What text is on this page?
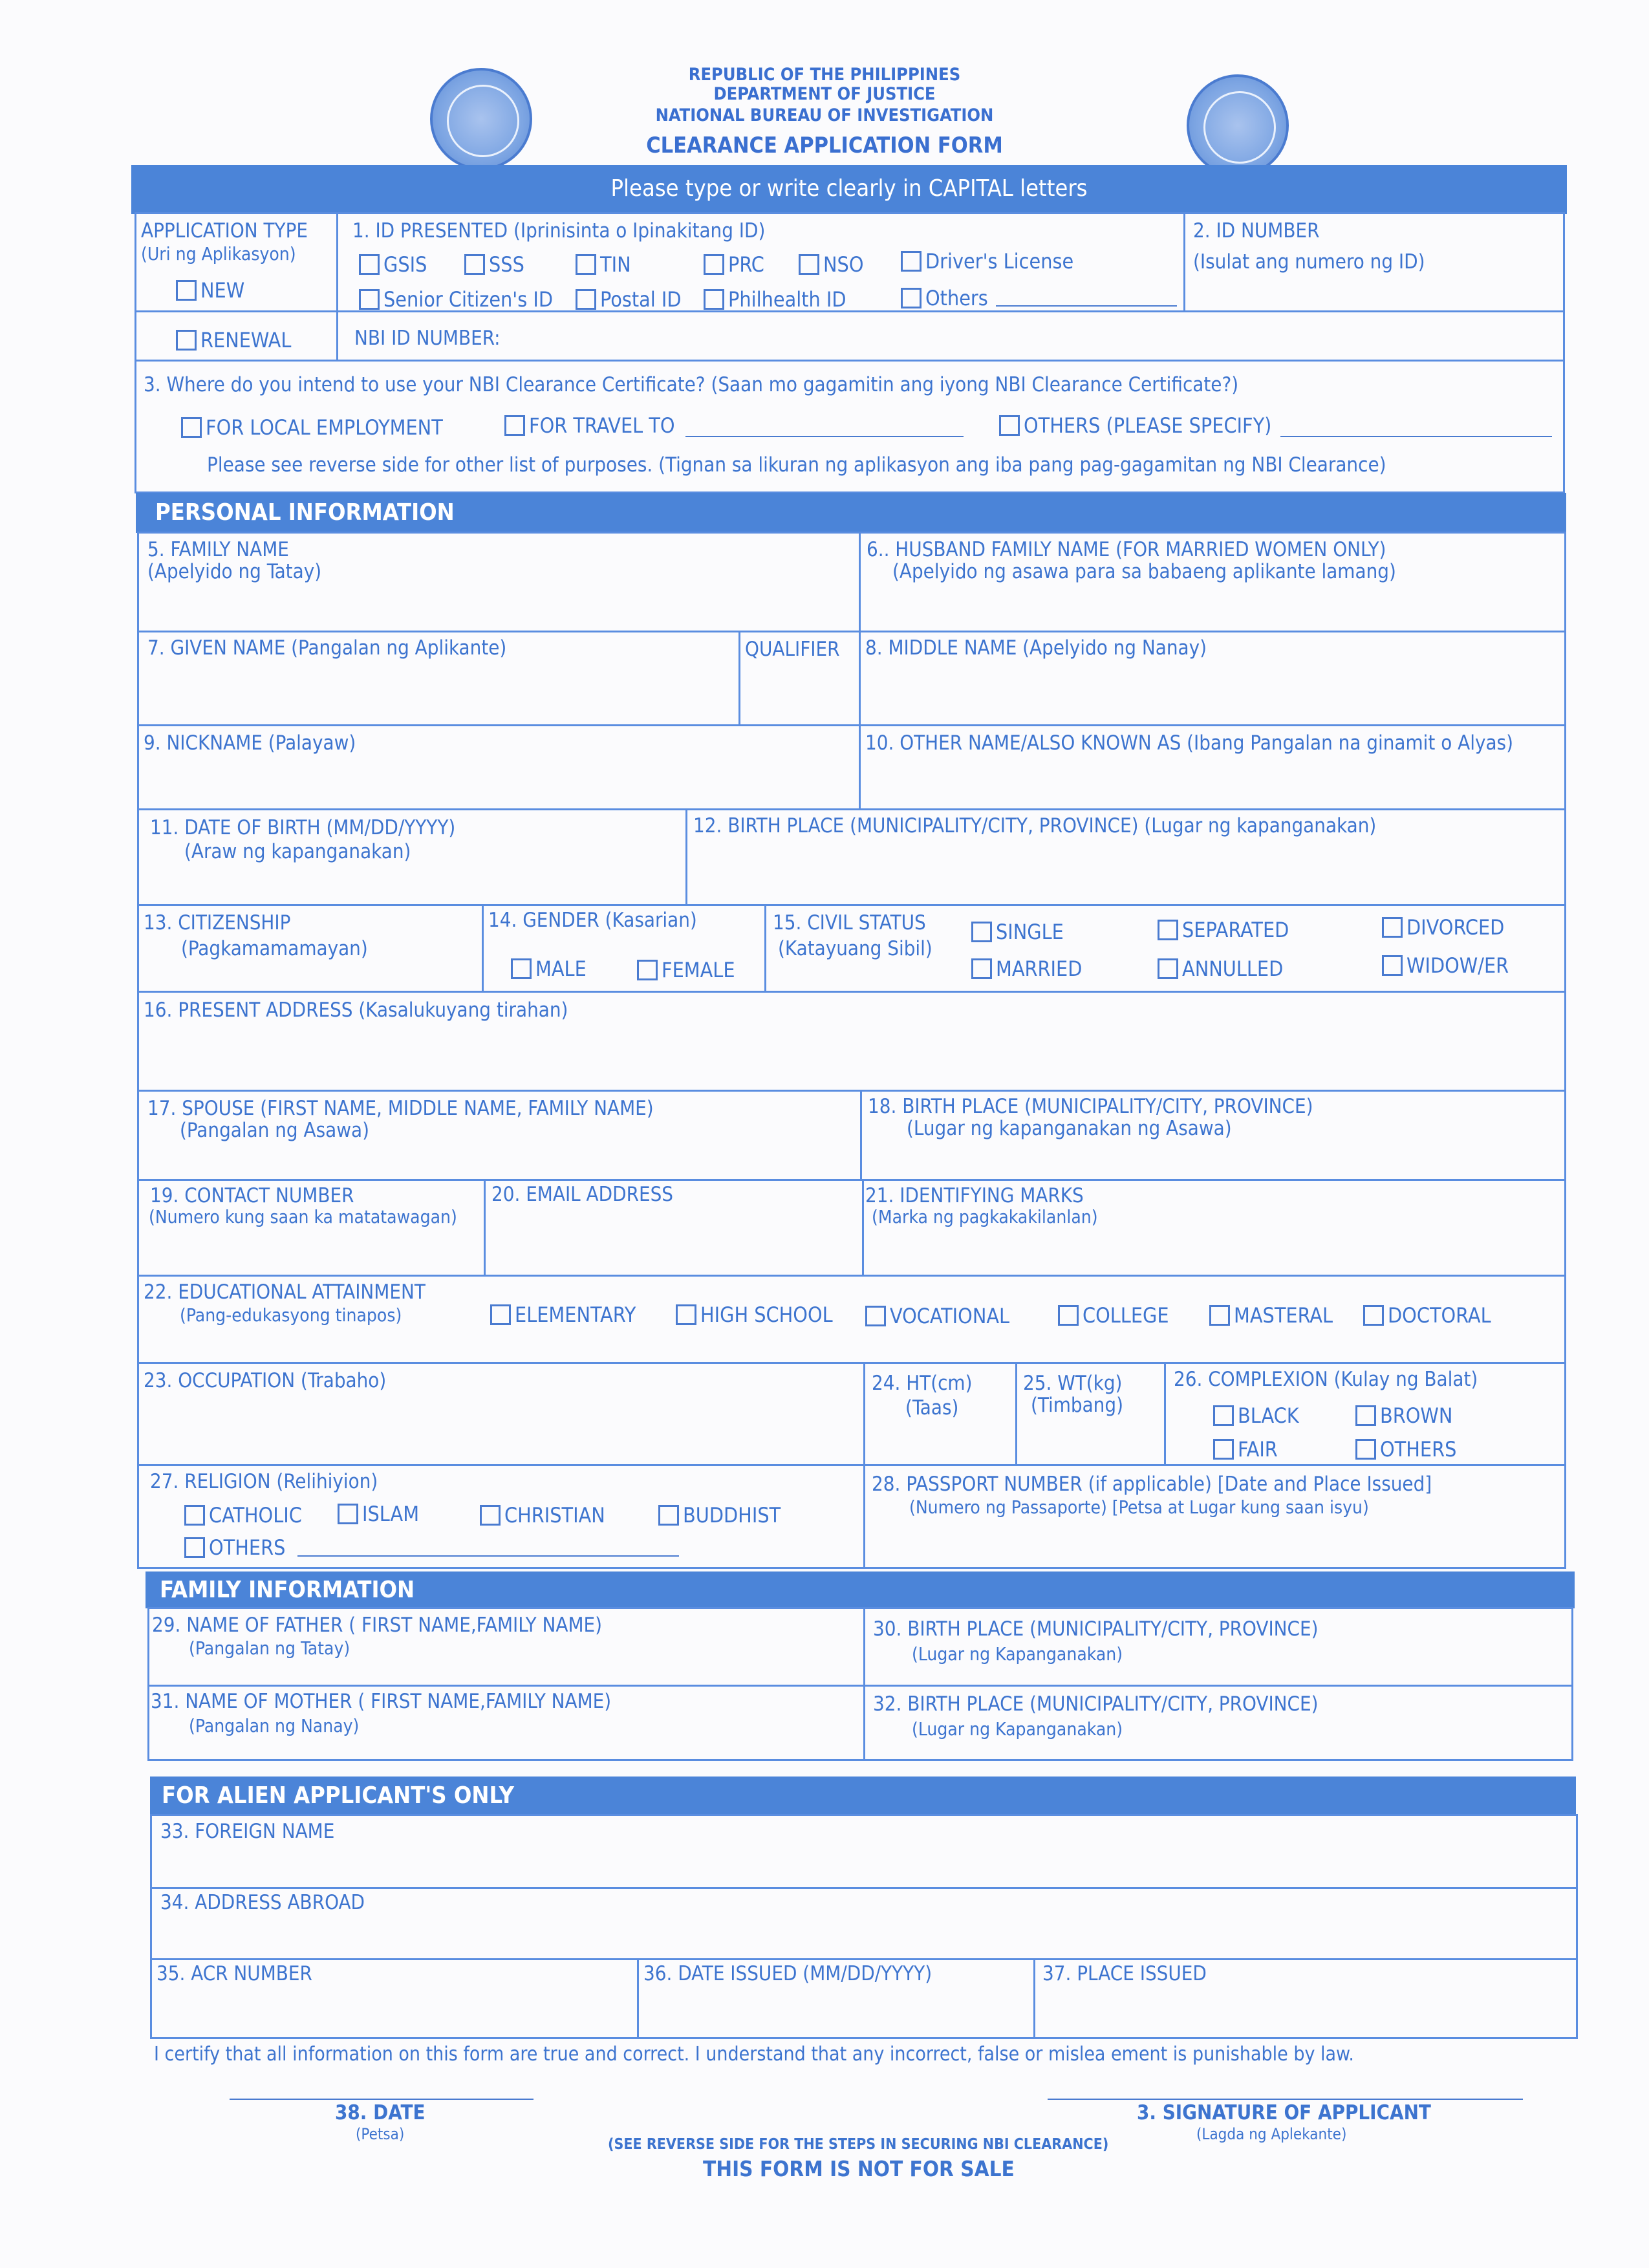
REPUBLIC OF THE PHILIPPINES
DEPARTMENT OF JUSTICE
NATIONAL BUREAU OF INVESTIGATION
CLEARANCE APPLICATION FORM
Please type or write clearly in CAPITAL letters
APPLICATION TYPE
(Uri ng Aplikasyon)
NEW
RENEWAL
1. ID PRESENTED (Iprinisinta o Ipinakitang ID)
GSIS	SSS	TIN	PRC	NSO	Driver's License
Senior Citizen's ID	Postal ID	Philhealth ID	Others
2. ID NUMBER
(Isulat ang numero ng ID)
NBI ID NUMBER:
3. Where do you intend to use your NBI Clearance Certificate? (Saan mo gagamitin ang iyong NBI Clearance Certificate?)
FOR LOCAL EMPLOYMENT	FOR TRAVEL TO	OTHERS (PLEASE SPECIFY)
Please see reverse side for other list of purposes. (Tignan sa likuran ng aplikasyon ang iba pang pag-gagamitan ng NBI Clearance)
PERSONAL INFORMATION
5. FAMILY NAME
(Apelyido ng Tatay)
6.. HUSBAND FAMILY NAME (FOR MARRIED WOMEN ONLY)
(Apelyido ng asawa para sa babaeng aplikante lamang)
7. GIVEN NAME (Pangalan ng Aplikante)	QUALIFIER 8. MIDDLE NAME (Apelyido ng Nanay)
9. NICKNAME (Palayaw)	10. OTHER NAME/ALSO KNOWN AS (Ibang Pangalan na ginamit o Alyas)
11. DATE OF BIRTH (MM/DD/YYYY)
(Araw ng kapanganakan)
12. BIRTH PLACE (MUNICIPALITY/CITY, PROVINCE) (Lugar ng kapanganakan)
13. CITIZENSHIP
(Pagkamamamayan)
14. GENDER (Kasarian)
MALE	FEMALE
15. CIVIL STATUS
(Katayuang Sibil)
SINGLE	SEPARATED	DIVORCED
MARRIED	ANNULLED	WIDOW/ER
16. PRESENT ADDRESS (Kasalukuyang tirahan)
17. SPOUSE (FIRST NAME, MIDDLE NAME, FAMILY NAME)
(Pangalan ng Asawa)
18. BIRTH PLACE (MUNICIPALITY/CITY, PROVINCE)
(Lugar ng kapanganakan ng Asawa)
19. CONTACT NUMBER
(Numero kung saan ka matatawagan)
20. EMAIL ADDRESS	21. IDENTIFYING MARKS
(Marka ng pagkakakilanlan)
22. EDUCATIONAL ATTAINMENT
(Pang-edukasyong tinapos)	ELEMENTARY	HIGH SCHOOL	VOCATIONAL	COLLEGE	MASTERAL	DOCTORAL
23. OCCUPATION (Trabaho)	24. HT(cm)
(Taas)
25. WT(kg)
(Timbang)
26. COMPLEXION (Kulay ng Balat)
BLACK	BROWN
FAIR	OTHERS
27. RELIGION (Relihiyion)
CATHOLIC	ISLAM	CHRISTIAN	BUDDHIST
OTHERS
28. PASSPORT NUMBER (if applicable) [Date and Place Issued]
(Numero ng Passaporte) [Petsa at Lugar kung saan isyu)
FAMILY INFORMATION
29. NAME OF FATHER ( FIRST NAME,FAMILY NAME)
(Pangalan ng Tatay)
30. BIRTH PLACE (MUNICIPALITY/CITY, PROVINCE)
(Lugar ng Kapanganakan)
31. NAME OF MOTHER ( FIRST NAME,FAMILY NAME)
(Pangalan ng Nanay)
32. BIRTH PLACE (MUNICIPALITY/CITY, PROVINCE)
(Lugar ng Kapanganakan)
FOR ALIEN APPLICANT'S ONLY
33. FOREIGN NAME
34. ADDRESS ABROAD
35. ACR NUMBER	36. DATE ISSUED (MM/DD/YYYY)	37. PLACE ISSUED
I certify that all information on this form are true and correct. I understand that any incorrect, false or mislea ement is punishable by law.
38. DATE
(Petsa)
3. SIGNATURE OF APPLICANT
(Lagda ng Aplekante)
(SEE REVERSE SIDE FOR THE STEPS IN SECURING NBI CLEARANCE)
THIS FORM IS NOT FOR SALE
